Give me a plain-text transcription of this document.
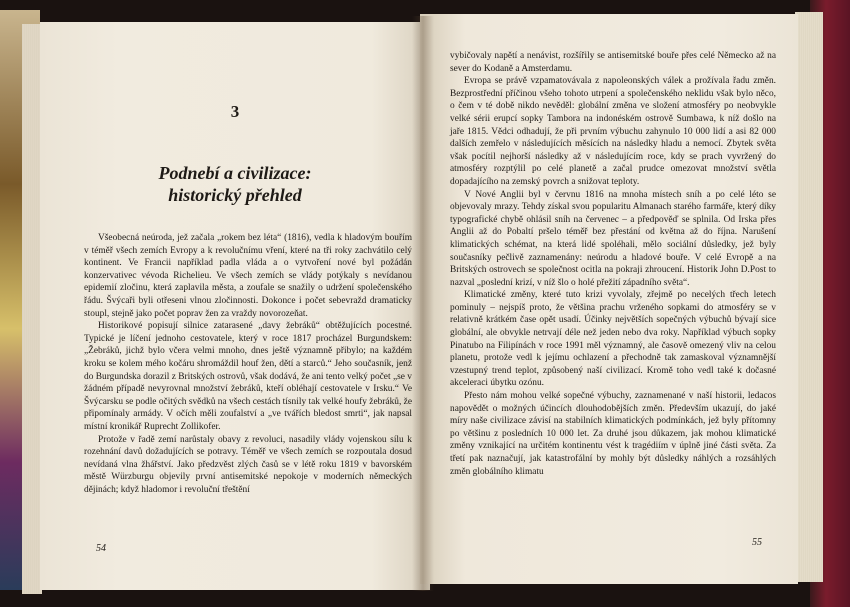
3
Podnebí a civilizace:
historický přehled

Všeobecná neúroda, jež začala „rokem bez léta“ (1816), vedla k hladovým bouřím v téměř všech zemích Evropy a k revolučnímu vření, které na tři roky zachvátilo celý kontinent. Ve Francii například padla vláda a o vytvoření nové byl požádán konzervativec vévoda Richelieu. Ve všech zemích se vlády potýkaly s nevídanou epidemií zločinu, která zaplavila města, a zoufale se snažily o udržení společenského řádu. Švýcaři byli otřeseni vlnou zločinnosti. Dokonce i počet sebevražd dramaticky stoupl, stejně jako počet poprav žen za vraždy novorozeňat.

Historikové popisují silnice zatarasené „davy žebráků“ obtěžujících pocestné. Typické je líčení jednoho cestovatele, který v roce 1817 procházel Burgundskem: „Žebráků, jichž bylo včera velmi mnoho, dnes ještě významně přibylo; na každém kroku se kolem mého kočáru shromáždil houf žen, dětí a starců.“ Jeho současník, jenž do Burgundska dorazil z Britských ostrovů, však dodává, že ani tento velký počet „se v žádném případě nevyrovnal množství žebráků, kteří obléhají cestovatele v Irsku.“ Ve Švýcarsku se podle očitých svědků na všech cestách tísnily tak velké houfy žebráků, že připomínaly armády. V očích měli zoufalství a „ve tvářích bledost smrti“, jak napsal místní kronikář Ruprecht Zollikofer.

Protože v řadě zemí narůstaly obavy z revoluci, nasadily vlády vojenskou sílu k rozehnání davů dožadujících se potravy. Téměř ve všech zemích se rozpoutala dosud nevídaná vlna žhářství. Jako předzvěst zlých časů se v létě roku 1819 v bavorském městě Würzburgu objevily první antisemitské nepokoje v moderních německých dějinách; když hladomor i revoluční třeštění

54

vybičovaly napětí a nenávist, rozšířily se antisemitské bouře přes celé Německo až na sever do Kodaně a Amsterdamu.

Evropa se právě vzpamatovávala z napoleonských válek a prožívala řadu změn. Bezprostřední příčinou všeho tohoto utrpení a společenského neklidu však bylo něco, o čem v té době nikdo nevěděl: globální změna ve složení atmosféry po neobvykle velké sérii erupcí sopky Tambora na indonéském ostrově Sumbawa, k níž došlo na jaře 1815. Vědci odhadují, že při prvním výbuchu zahynulo 10 000 lidí a asi 82 000 dalších zemřelo v následujících měsících na následky hladu a nemocí. Zbytek světa však pocítil nejhorší následky až v následujícím roce, kdy se prach vyvržený do atmosféry rozptýlil po celé planetě a začal prudce omezovat množství světla dopadajícího na zemský povrch a snižovat teploty.

V Nové Anglii byl v červnu 1816 na mnoha místech sníh a po celé léto se objevovaly mrazy. Tehdy získal svou popularitu Almanach starého farmáře, který díky typografické chybě ohlásil sníh na červenec – a předpověď se splnila. Od Irska přes Anglii až do Pobaltí pršelo téměř bez přestání od května až do října. Narušení klimatických schémat, na která lidé spoléhali, mělo sociální důsledky, jež byly současníky pečlivě zaznamenány: neúrodu a hladové bouře. V celé Evropě a na Britských ostrovech se společnost ocitla na pokraji zhroucení. Historik John D.Post to nazval „poslední krizí, v níž šlo o holé přežití západního světa“.

Klimatické změny, které tuto krizi vyvolaly, zřejmě po necelých třech letech pominuly – nejspíš proto, že většina prachu vrženého sopkami do atmosféry se v relativně krátkém čase opět usadí. Účinky největších sopečných výbuchů bývají sice globální, ale obvykle netrvají déle než jeden nebo dva roky. Například výbuch sopky Pinatubo na Filipínách v roce 1991 měl významný, ale časově omezený vliv na celou planetu, protože vedl k jejímu ochlazení a přechodně tak zamaskoval významnější vzestupný trend teplot, způsobený naší civilizací. Kromě toho vedl také k dočasné akceleraci úbytku ozónu.

Přesto nám mohou velké sopečné výbuchy, zaznamenané v naší historii, ledacos napovědět o možných účincích dlouhodobějších změn. Především ukazují, do jaké míry naše civilizace závisí na stabilních klimatických podmínkách, jež byly přítomny po většinu z posledních 10 000 let. Za druhé jsou důkazem, jak mohou klimatické změny vznikající na určitém kontinentu vést k tragédiím v úplně jiné části světa. Za třetí pak naznačují, jak katastrofální by mohly být důsledky náhlých a rozsáhlých změn globálního klimatu

55
